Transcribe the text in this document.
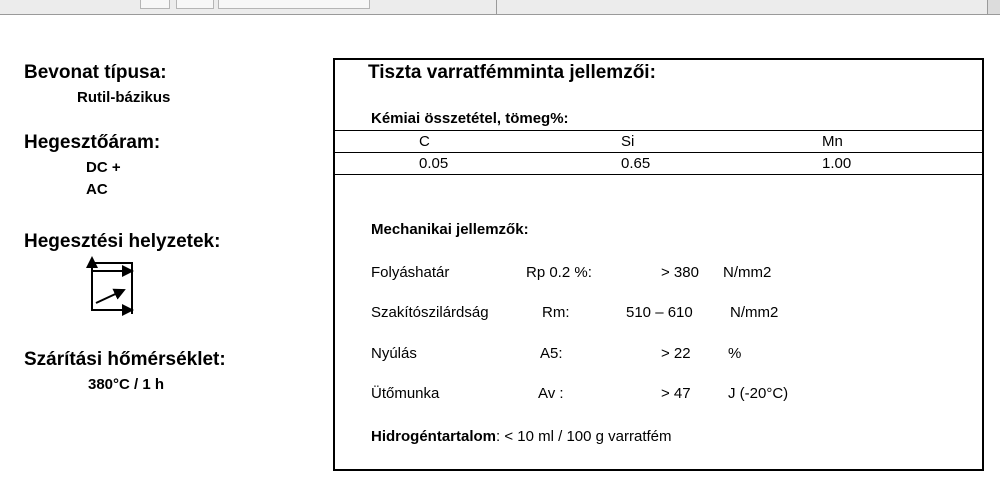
Bevonat típusa:
Rutil-bázikus
Hegesztőáram:
DC +
AC
Hegesztési helyzetek:
Szárítási hőmérséklet:
380°C / 1 h
Tiszta varratfémminta jellemzői:
Kémiai összetétel, tömeg%:
C	Si	Mn
0.05	0.65	1.00
Mechanikai jellemzők:
Folyáshatár	Rp 0.2 %:	> 380 N/mm2
Szakítószilárdság	Rm:	510 – 610 N/mm2
Nyúlás	A5:	> 22 %
Ütőmunka	Av :	> 47 J (-20°C)
Hidrogéntartalom: < 10 ml / 100 g varratfém
